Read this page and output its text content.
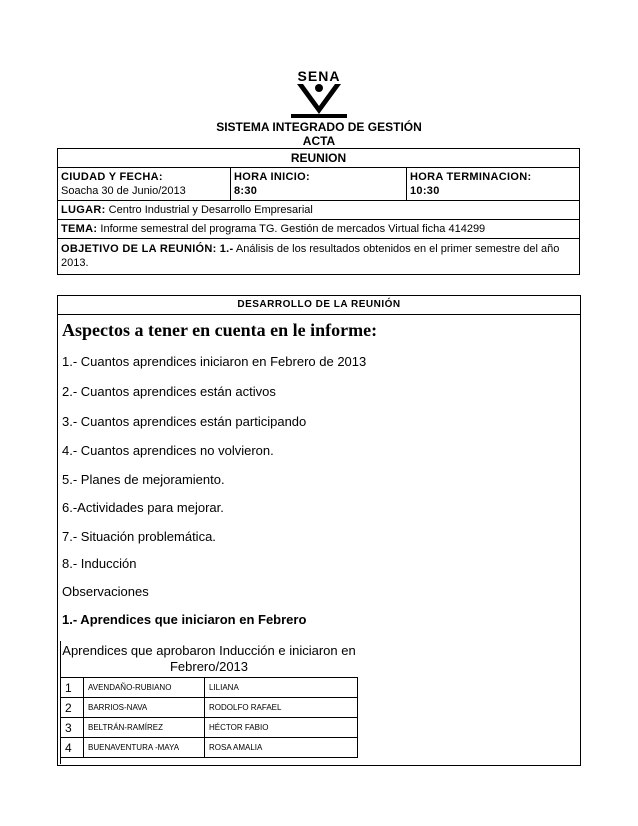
SENA
SISTEMA INTEGRADO DE GESTIÓN
ACTA
REUNION

CIUDAD Y FECHA:
Soacha 30 de Junio/2013

HORA INICIO:
8:30

HORA TERMINACION:
10:30

LUGAR: Centro Industrial y Desarrollo Empresarial
TEMA: Informe semestral del programa TG. Gestión de mercados Virtual ficha 414299
OBJETIVO DE LA REUNIÓN: 1.- Análisis de los resultados obtenidos en el primer semestre del año 2013.
DESARROLLO DE LA REUNIÓN
Aspectos a tener en cuenta en le informe:
1.- Cuantos aprendices iniciaron en Febrero de 2013
2.- Cuantos aprendices están activos
3.- Cuantos aprendices están participando
4.- Cuantos aprendices no volvieron.
5.- Planes de mejoramiento.
6.-Actividades para mejorar.
7.- Situación problemática.
8.- Inducción
Observaciones
1.- Aprendices que iniciaron en Febrero
Aprendices que aprobaron Inducción e iniciaron en Febrero/2013
1	AVENDAÑO-RUBIANO	LILIANA
2	BARRIOS-NAVA	RODOLFO RAFAEL
3	BELTRÁN-RAMÍREZ	HÉCTOR FABIO
4	BUENAVENTURA -MAYA	ROSA AMALIA
